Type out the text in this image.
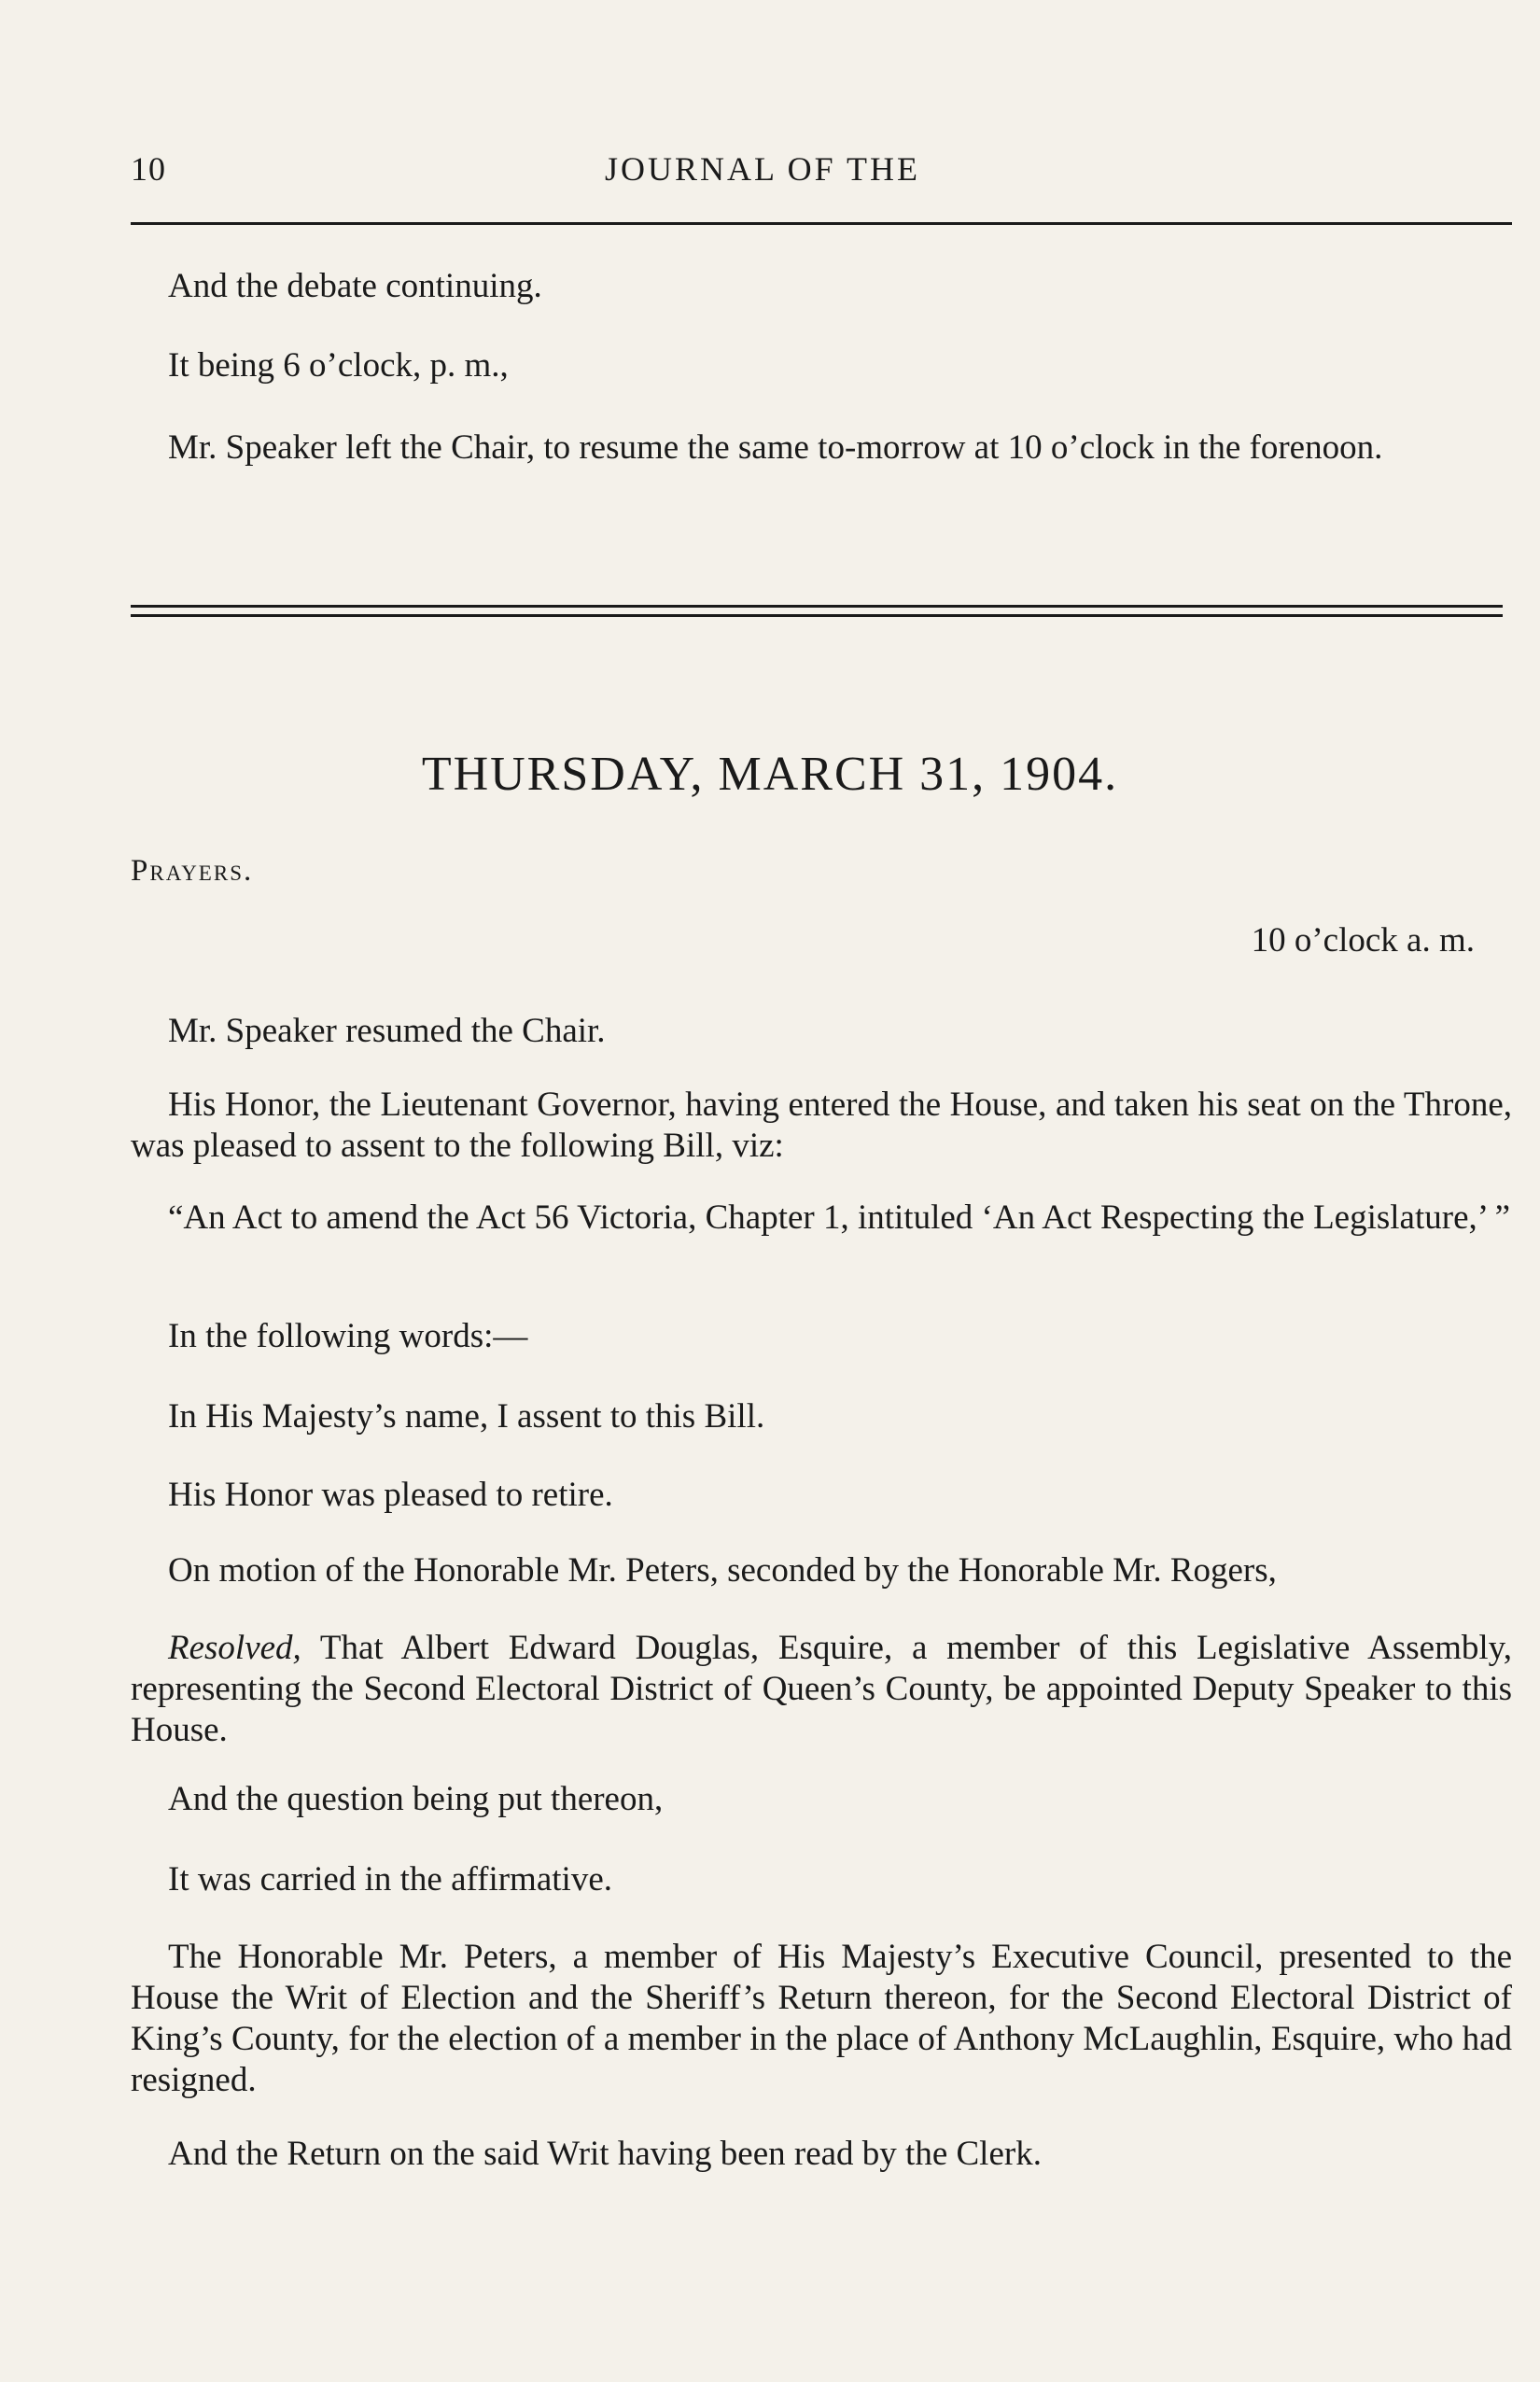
10	JOURNAL OF THE
And the debate continuing.
It being 6 o’clock, p. m.,
Mr. Speaker left the Chair, to resume the same to-morrow at 10 o’clock in the forenoon.
THURSDAY, MARCH 31, 1904.
Prayers.
10 o’clock a. m.
Mr. Speaker resumed the Chair.
His Honor, the Lieutenant Governor, having entered the House, and taken his seat on the Throne, was pleased to assent to the following Bill, viz:
“An Act to amend the Act 56 Victoria, Chapter 1, intituled ‘An Act Respecting the Legislature,’ ”
In the following words:—
In His Majesty’s name, I assent to this Bill.
His Honor was pleased to retire.
On motion of the Honorable Mr. Peters, seconded by the Honorable Mr. Rogers,
Resolved, That Albert Edward Douglas, Esquire, a member of this Legislative Assembly, representing the Second Electoral District of Queen’s County, be appointed Deputy Speaker to this House.
And the question being put thereon,
It was carried in the affirmative.
The Honorable Mr. Peters, a member of His Majesty’s Executive Council, presented to the House the Writ of Election and the Sheriff’s Return thereon, for the Second Electoral District of King’s County, for the election of a member in the place of Anthony McLaughlin, Esquire, who had resigned.
And the Return on the said Writ having been read by the Clerk.
